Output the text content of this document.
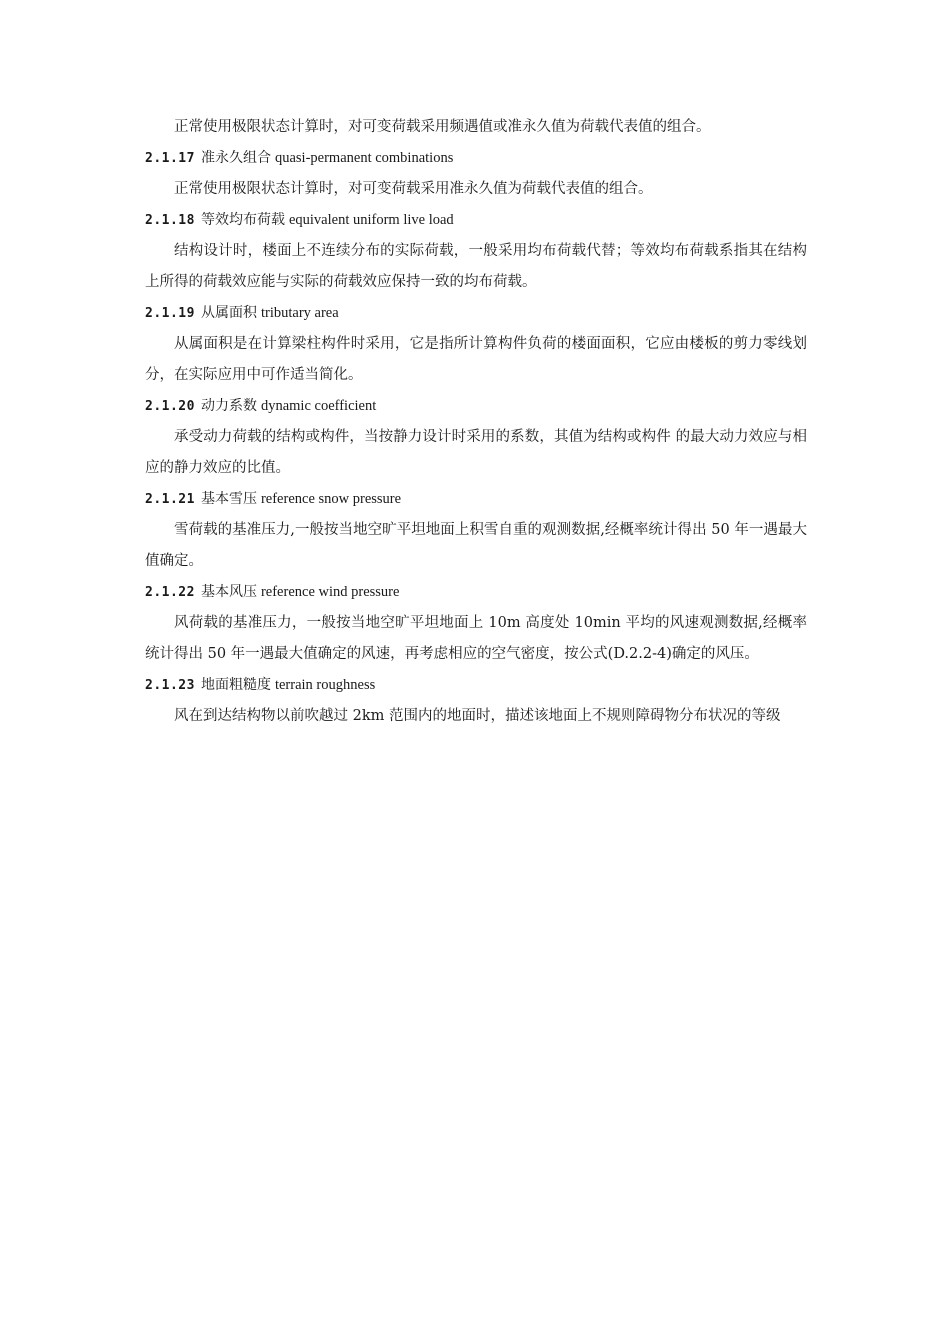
正常使用极限状态计算时，对可变荷载采用频遇值或准永久值为荷载代表值的组合。

2.1.17 准永久组合 quasi-permanent combinations

正常使用极限状态计算时，对可变荷载采用准永久值为荷载代表值的组合。

2.1.18 等效均布荷载 equivalent uniform live load

结构设计时，楼面上不连续分布的实际荷载，一般采用均布荷载代替；等效均布荷载系指其在结构上所得的荷载效应能与实际的荷载效应保持一致的均布荷载。

2.1.19 从属面积 tributary area

从属面积是在计算梁柱构件时采用，它是指所计算构件负荷的楼面面积，它应由楼板的剪力零线划分，在实际应用中可作适当简化。

2.1.20 动力系数 dynamic coefficient

承受动力荷载的结构或构件，当按静力设计时采用的系数，其值为结构或构件 的最大动力效应与相应的静力效应的比值。

2.1.21 基本雪压 reference snow pressure

雪荷载的基准压力,一般按当地空旷平坦地面上积雪自重的观测数据,经概率统计得出 50 年一遇最大值确定。

2.1.22 基本风压 reference wind pressure

风荷载的基准压力，一般按当地空旷平坦地面上 10m 高度处 10min 平均的风速观测数据,经概率统计得出 50 年一遇最大值确定的风速，再考虑相应的空气密度，按公式(D.2.2-4)确定的风压。

2.1.23 地面粗糙度 terrain roughness

风在到达结构物以前吹越过 2km 范围内的地面时，描述该地面上不规则障碍物分布状况的等级
